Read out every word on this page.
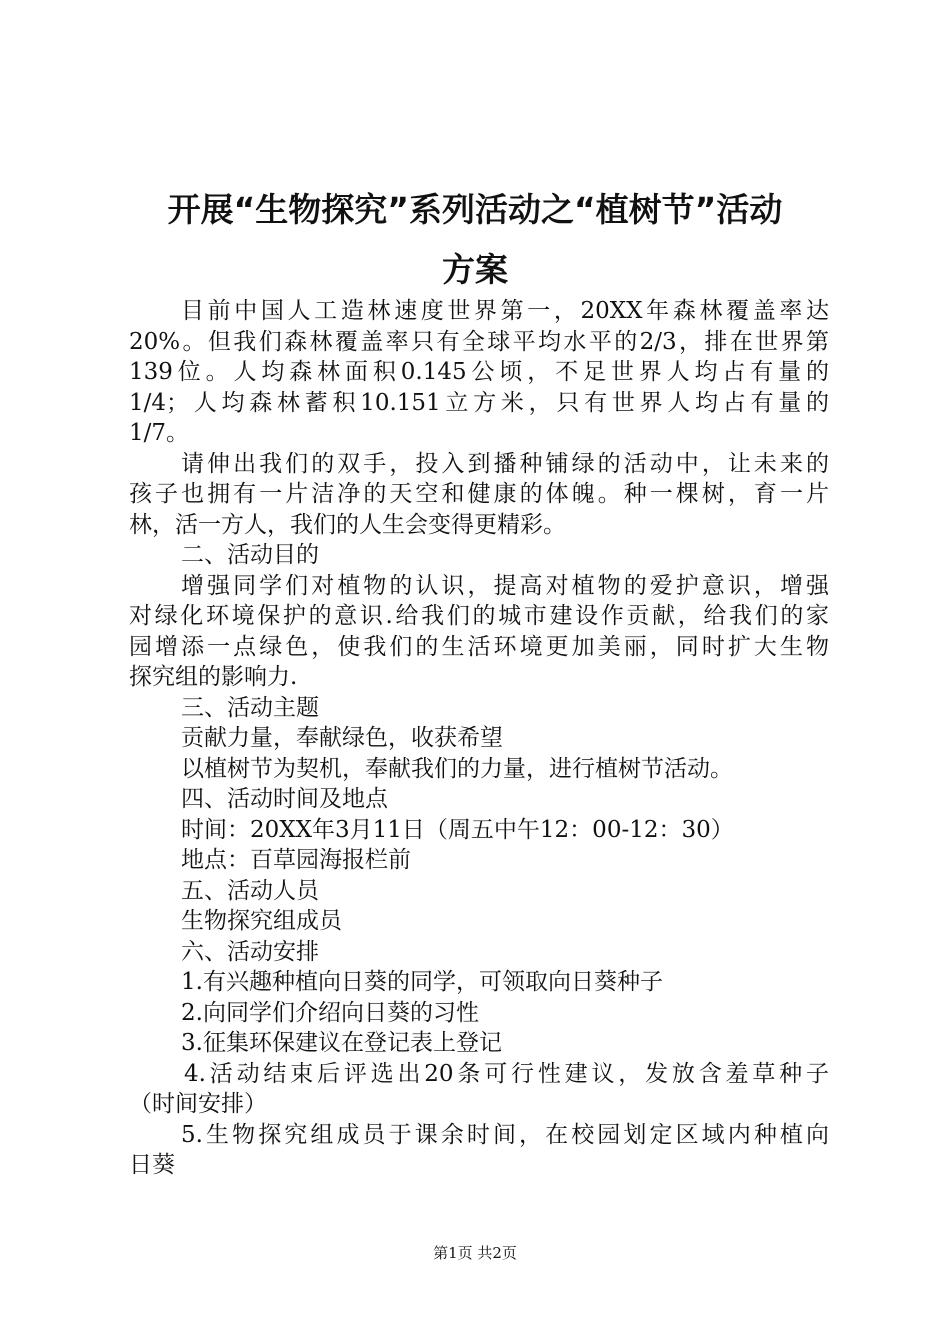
开展“生物探究”系列活动之“植树节”活动
方案

目前中国人工造林速度世界第一，20XX年森林覆盖率达
20%。但我们森林覆盖率只有全球平均水平的2/3，排在世界第
139位。人均森林面积0.145公顷，不足世界人均占有量的
1/4；人均森林蓄积10.151立方米，只有世界人均占有量的
1/7。

请伸出我们的双手，投入到播种铺绿的活动中，让未来的
孩子也拥有一片洁净的天空和健康的体魄。种一棵树，育一片
林，活一方人，我们的人生会变得更精彩。

二、活动目的

增强同学们对植物的认识，提高对植物的爱护意识，增强
对绿化环境保护的意识.给我们的城市建设作贡献，给我们的家
园增添一点绿色，使我们的生活环境更加美丽，同时扩大生物
探究组的影响力.

三、活动主题

贡献力量，奉献绿色，收获希望

以植树节为契机，奉献我们的力量，进行植树节活动。

四、活动时间及地点

时间：20XX年3月11日（周五中午12：00-12：30）

地点：百草园海报栏前

五、活动人员

生物探究组成员

六、活动安排

1.有兴趣种植向日葵的同学，可领取向日葵种子

2.向同学们介绍向日葵的习性

3.征集环保建议在登记表上登记

4.活动结束后评选出20条可行性建议，发放含羞草种子
（时间安排）

5.生物探究组成员于课余时间，在校园划定区域内种植向
日葵

第1页 共2页
